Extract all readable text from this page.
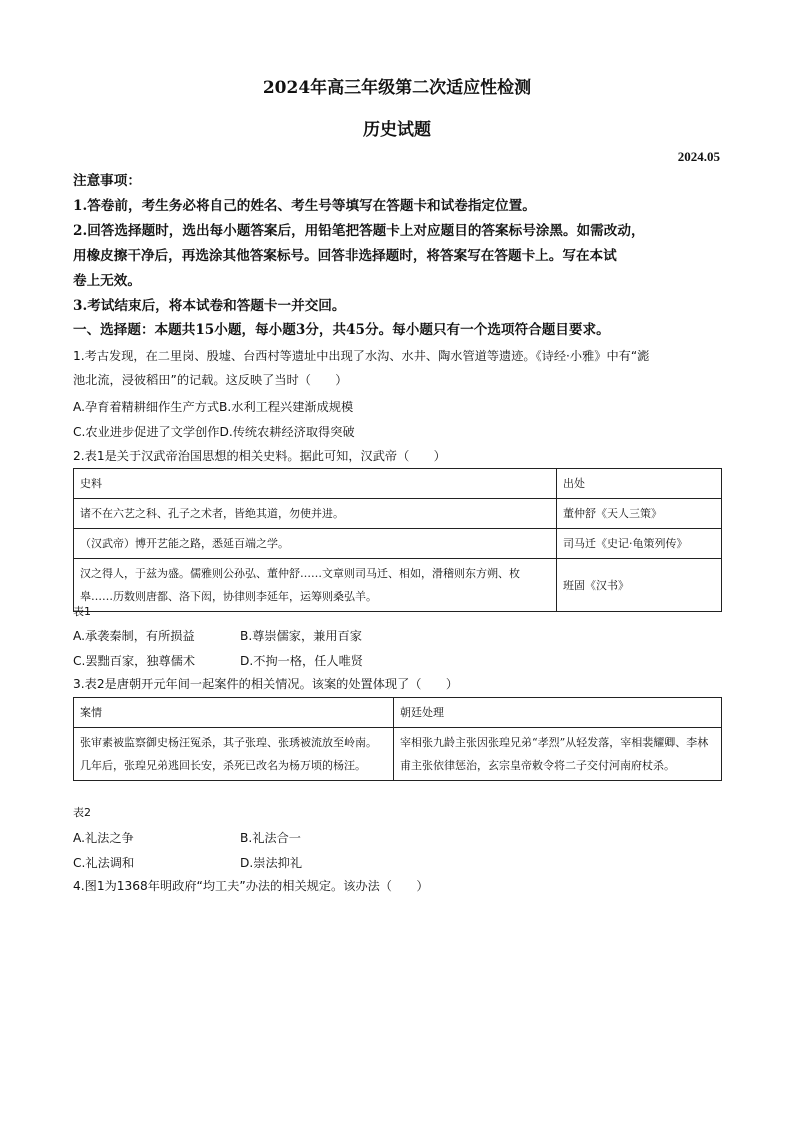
2024年高三年级第二次适应性检测
历史试题
2024.05
注意事项：
1.答卷前，考生务必将自己的姓名、考生号等填写在答题卡和试卷指定位置。
2.回答选择题时，选出每小题答案后，用铅笔把答题卡上对应题目的答案标号涂黑。如需改动，
用橡皮擦干净后，再选涂其他答案标号。回答非选择题时，将答案写在答题卡上。写在本试
卷上无效。
3.考试结束后，将本试卷和答题卡一并交回。
一、选择题：本题共15小题，每小题3分，共45分。每小题只有一个选项符合题目要求。
1.考古发现，在二里岗、殷墟、台西村等遗址中出现了水沟、水井、陶水管道等遗迹。《诗经·小雅》中有“滮
池北流，浸彼稻田”的记载。这反映了当时（　　）
A.孕育着精耕细作生产方式B.水利工程兴建渐成规模
C.农业进步促进了文学创作D.传统农耕经济取得突破
2.表1是关于汉武帝治国思想的相关史料。据此可知，汉武帝（　　）
史料	出处
诸不在六艺之科、孔子之术者，皆绝其道，勿使并进。	董仲舒《天人三策》
（汉武帝）博开艺能之路，悉延百端之学。	司马迁《史记·龟策列传》
汉之得人，于兹为盛。儒雅则公孙弘、董仲舒……文章则司马迁、相如，滑稽则东方朔、枚皋……历数则唐都、洛下闳，协律则李延年，运筹则桑弘羊。	班固《汉书》
表1
A.承袭秦制，有所损益	B.尊崇儒家，兼用百家
C.罢黜百家，独尊儒术	D.不拘一格，任人唯贤
3.表2是唐朝开元年间一起案件的相关情况。该案的处置体现了（　　）
案情	朝廷处理
张审素被监察御史杨汪冤杀，其子张瑝、张琇被流放至岭南。几年后，张瑝兄弟逃回长安，杀死已改名为杨万顷的杨汪。	宰相张九龄主张因张瑝兄弟“孝烈”从轻发落，宰相裴耀卿、李林甫主张依律惩治，玄宗皇帝敕令将二子交付河南府杖杀。
表2
A.礼法之争	B.礼法合一
C.礼法调和	D.崇法抑礼
4.图1为1368年明政府“均工夫”办法的相关规定。该办法（　　）
